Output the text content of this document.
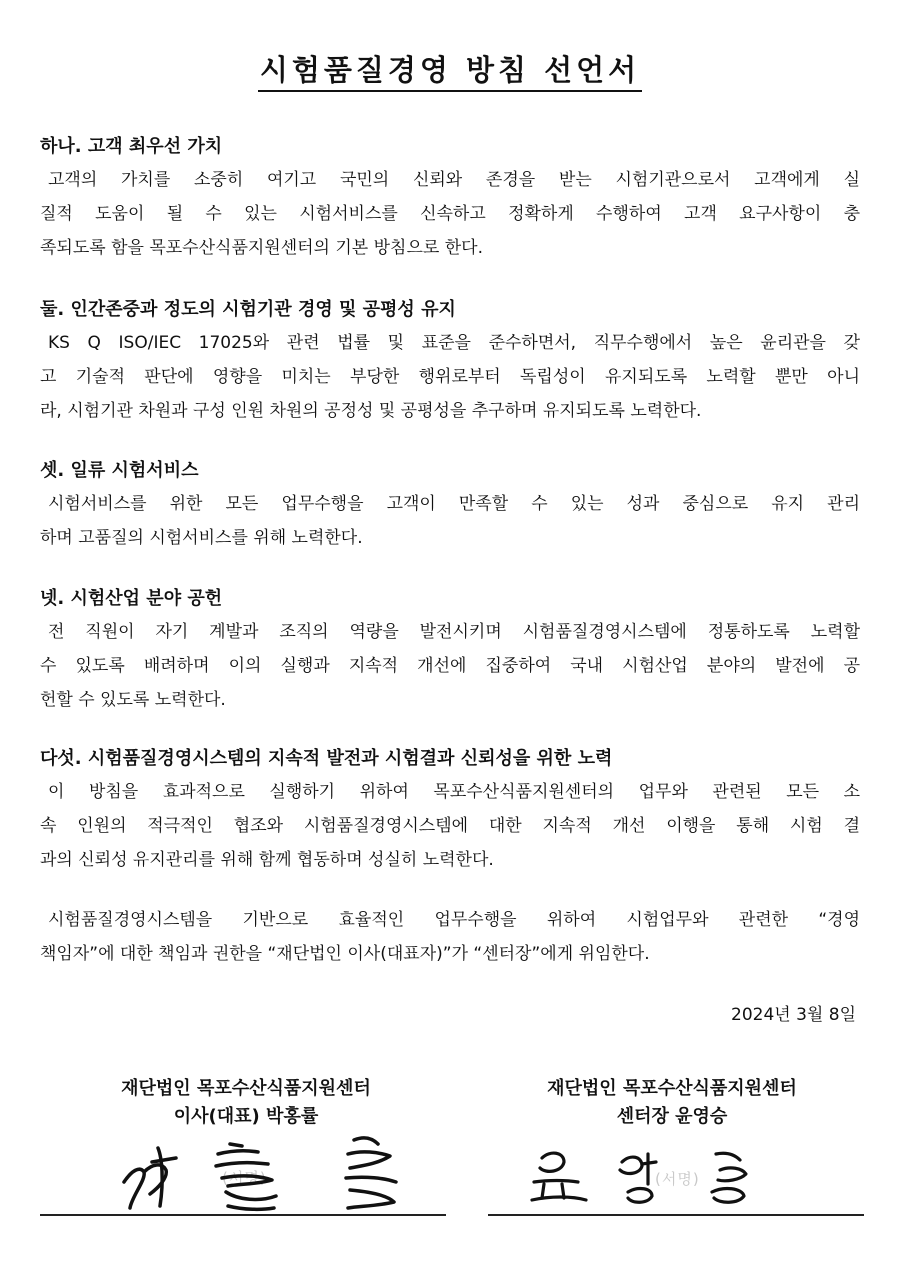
시험품질경영 방침 선언서
하나. 고객 최우선 가치
고객의 가치를 소중히 여기고 국민의 신뢰와 존경을 받는 시험기관으로서 고객에게 실
질적 도움이 될 수 있는 시험서비스를 신속하고 정확하게 수행하여 고객 요구사항이 충
족되도록 함을 목포수산식품지원센터의 기본 방침으로 한다.
둘. 인간존중과 정도의 시험기관 경영 및 공평성 유지
KS Q ISO/IEC 17025와 관련 법률 및 표준을 준수하면서, 직무수행에서 높은 윤리관을 갖
고 기술적 판단에 영향을 미치는 부당한 행위로부터 독립성이 유지되도록 노력할 뿐만 아니
라, 시험기관 차원과 구성 인원 차원의 공정성 및 공평성을 추구하며 유지되도록 노력한다.
셋. 일류 시험서비스
시험서비스를 위한 모든 업무수행을 고객이 만족할 수 있는 성과 중심으로 유지 관리
하며 고품질의 시험서비스를 위해 노력한다.
넷. 시험산업 분야 공헌
전 직원이 자기 계발과 조직의 역량을 발전시키며 시험품질경영시스템에 정통하도록 노력할
수 있도록 배려하며 이의 실행과 지속적 개선에 집중하여 국내 시험산업 분야의 발전에 공
헌할 수 있도록 노력한다.
다섯. 시험품질경영시스템의 지속적 발전과 시험결과 신뢰성을 위한 노력
이 방침을 효과적으로 실행하기 위하여 목포수산식품지원센터의 업무와 관련된 모든 소
속 인원의 적극적인 협조와 시험품질경영시스템에 대한 지속적 개선 이행을 통해 시험 결
과의 신뢰성 유지관리를 위해 함께 협동하며 성실히 노력한다.
시험품질경영시스템을 기반으로 효율적인 업무수행을 위하여 시험업무와 관련한 “경영
책임자”에 대한 책임과 권한을 “재단법인 이사(대표자)”가 “센터장”에게 위임한다.
2024년 3월 8일
재단법인 목포수산식품지원센터
이사(대표) 박홍률
(서명)
재단법인 목포수산식품지원센터
센터장 윤영승
(서명)
